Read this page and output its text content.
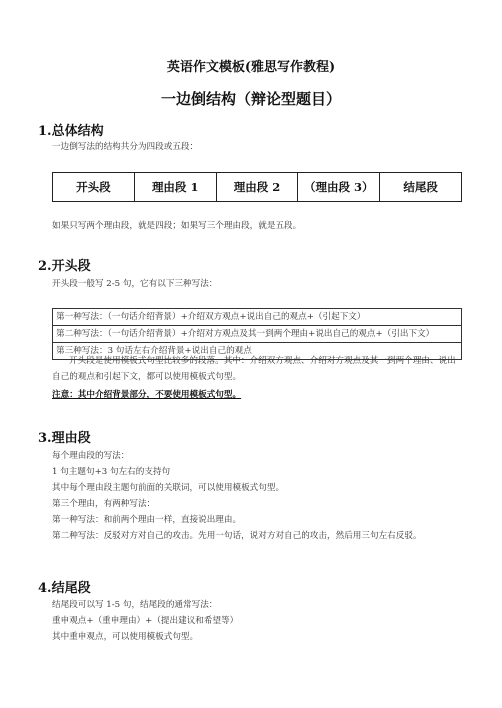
英语作文模板(雅思写作教程)
一边倒结构（辩论型题目）
1.总体结构
一边倒写法的结构共分为四段或五段：
开头段	理由段 1	理由段 2	（理由段 3）	结尾段
如果只写两个理由段，就是四段；如果写三个理由段，就是五段。
2.开头段
开头段一般写 2-5 句，它有以下三种写法：
第一种写法：（一句话介绍背景）+介绍双方观点+说出自己的观点+（引起下文）
第二种写法：（一句话介绍背景）+介绍对方观点及其一到两个理由+说出自己的观点+（引出下文）
第三种写法：3 句话左右介绍背景+说出自己的观点
开头段是使用模板式句型比较多的段落。其中：介绍双方观点、介绍对方观点及其一到两个理由、说出自己的观点和引起下文，都可以使用模板式句型。
注意：其中介绍背景部分，不要使用模板式句型。
3.理由段
每个理由段的写法：
1 句主题句+3 句左右的支持句
其中每个理由段主题句前面的关联词，可以使用模板式句型。
第三个理由，有两种写法：
第一种写法：和前两个理由一样，直接说出理由。
第二种写法：反驳对方对自己的攻击。先用一句话，说对方对自己的攻击，然后用三句左右反驳。
4.结尾段
结尾段可以写 1-5 句，结尾段的通常写法：
重申观点+（重申理由）+（提出建议和希望等）
其中重申观点，可以使用模板式句型。
